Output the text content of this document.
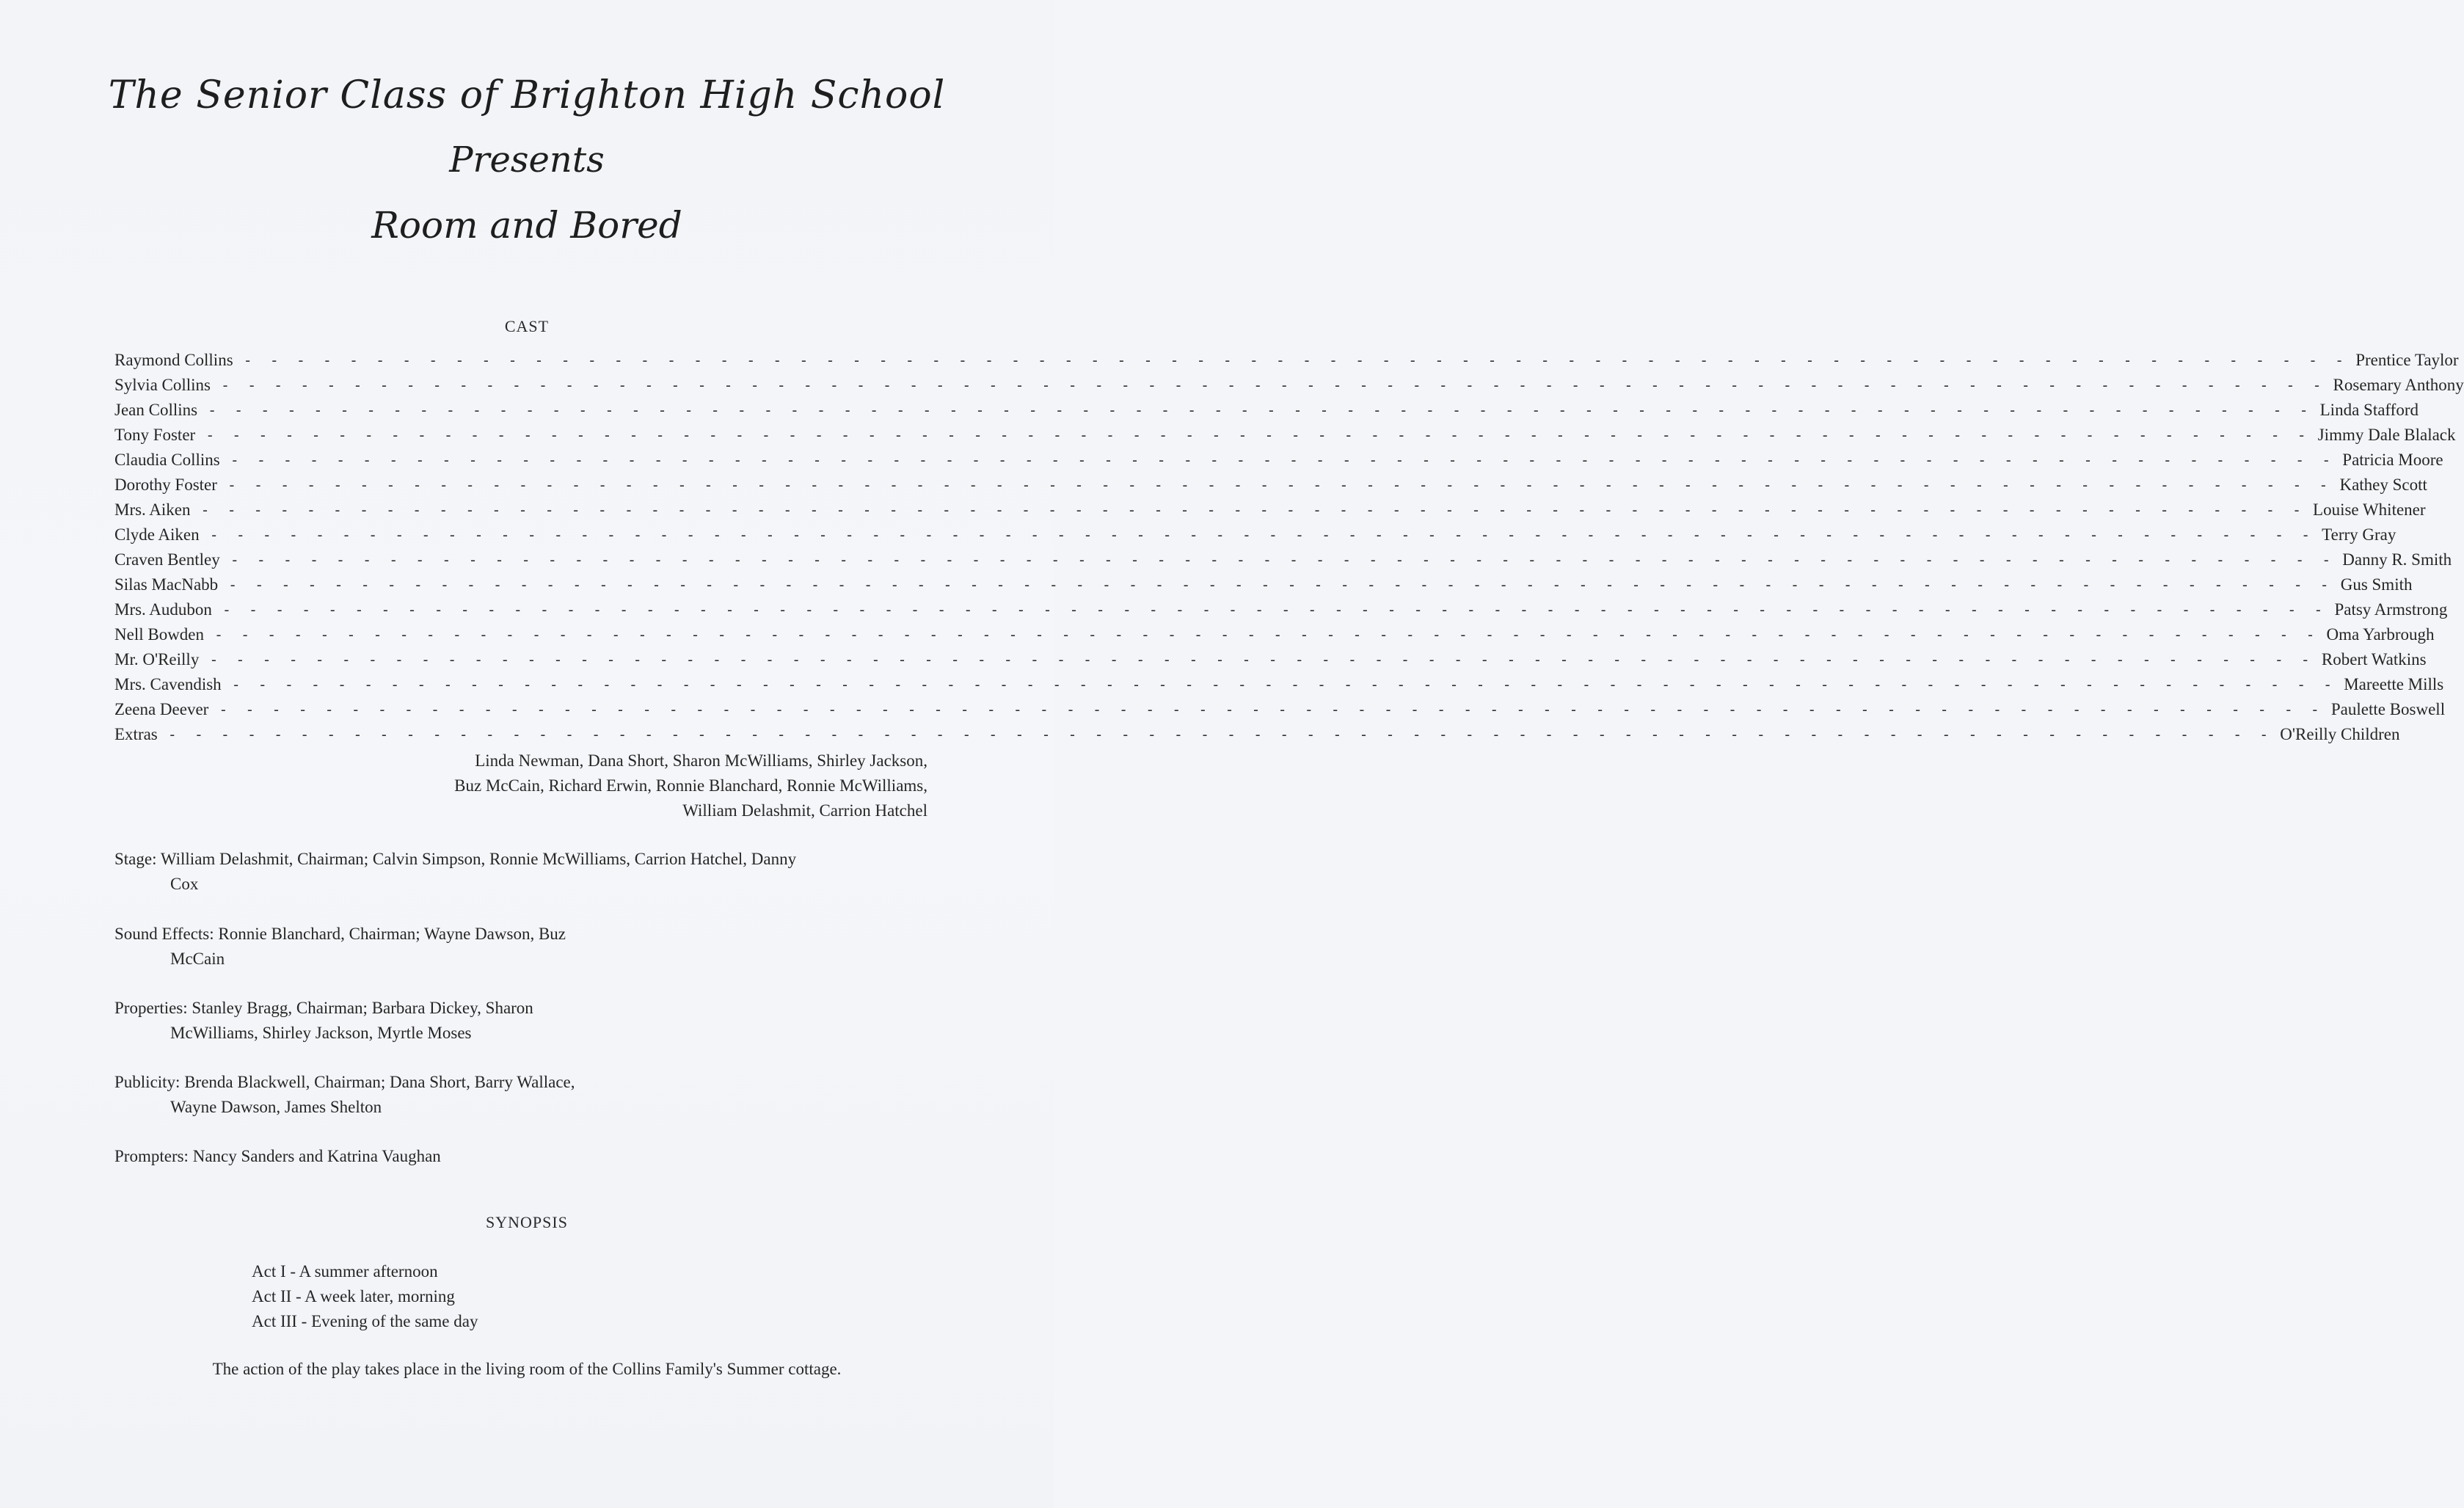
The Senior Class of Brighton High School
Presents
Room and Bored
CAST
Raymond Collins - - - - - - - - - - - - - - - - - - - - - - - - - - - - - - - - - - - - - - - - - - - - - - - - - - - - - - - - - - - - - - - - - - - - - - - - - - - - - - - - Prentice Taylor
Sylvia Collins - - - - - - - - - - - - - - - - - - - - - - - - - - - - - - - - - - - - - - - - - - - - - - - - - - - - - - - - - - - - - - - - - - - - - - - - - - - - - - - - Rosemary Anthony
Jean Collins - - - - - - - - - - - - - - - - - - - - - - - - - - - - - - - - - - - - - - - - - - - - - - - - - - - - - - - - - - - - - - - - - - - - - - - - - - - - - - - - Linda Stafford
Tony Foster - - - - - - - - - - - - - - - - - - - - - - - - - - - - - - - - - - - - - - - - - - - - - - - - - - - - - - - - - - - - - - - - - - - - - - - - - - - - - - - - Jimmy Dale Blalack
Claudia Collins - - - - - - - - - - - - - - - - - - - - - - - - - - - - - - - - - - - - - - - - - - - - - - - - - - - - - - - - - - - - - - - - - - - - - - - - - - - - - - - - Patricia Moore
Dorothy Foster - - - - - - - - - - - - - - - - - - - - - - - - - - - - - - - - - - - - - - - - - - - - - - - - - - - - - - - - - - - - - - - - - - - - - - - - - - - - - - - - Kathey Scott
Mrs. Aiken - - - - - - - - - - - - - - - - - - - - - - - - - - - - - - - - - - - - - - - - - - - - - - - - - - - - - - - - - - - - - - - - - - - - - - - - - - - - - - - - Louise Whitener
Clyde Aiken - - - - - - - - - - - - - - - - - - - - - - - - - - - - - - - - - - - - - - - - - - - - - - - - - - - - - - - - - - - - - - - - - - - - - - - - - - - - - - - - Terry Gray
Craven Bentley - - - - - - - - - - - - - - - - - - - - - - - - - - - - - - - - - - - - - - - - - - - - - - - - - - - - - - - - - - - - - - - - - - - - - - - - - - - - - - - - Danny R. Smith
Silas MacNabb - - - - - - - - - - - - - - - - - - - - - - - - - - - - - - - - - - - - - - - - - - - - - - - - - - - - - - - - - - - - - - - - - - - - - - - - - - - - - - - - Gus Smith
Mrs. Audubon - - - - - - - - - - - - - - - - - - - - - - - - - - - - - - - - - - - - - - - - - - - - - - - - - - - - - - - - - - - - - - - - - - - - - - - - - - - - - - - - Patsy Armstrong
Nell Bowden - - - - - - - - - - - - - - - - - - - - - - - - - - - - - - - - - - - - - - - - - - - - - - - - - - - - - - - - - - - - - - - - - - - - - - - - - - - - - - - - Oma Yarbrough
Mr. O'Reilly - - - - - - - - - - - - - - - - - - - - - - - - - - - - - - - - - - - - - - - - - - - - - - - - - - - - - - - - - - - - - - - - - - - - - - - - - - - - - - - - Robert Watkins
Mrs. Cavendish - - - - - - - - - - - - - - - - - - - - - - - - - - - - - - - - - - - - - - - - - - - - - - - - - - - - - - - - - - - - - - - - - - - - - - - - - - - - - - - - Mareette Mills
Zeena Deever - - - - - - - - - - - - - - - - - - - - - - - - - - - - - - - - - - - - - - - - - - - - - - - - - - - - - - - - - - - - - - - - - - - - - - - - - - - - - - - - Paulette Boswell
Extras - - - - - - - - - - - - - - - - - - - - - - - - - - - - - - - - - - - - - - - - - - - - - - - - - - - - - - - - - - - - - - - - - - - - - - - - - - - - - - - - O'Reilly Children
Linda Newman, Dana Short, Sharon McWilliams, Shirley Jackson,
Buz McCain, Richard Erwin, Ronnie Blanchard, Ronnie McWilliams,
William Delashmit, Carrion Hatchel
Stage: William Delashmit, Chairman; Calvin Simpson, Ronnie McWilliams, Carrion Hatchel, Danny
Cox
Sound Effects: Ronnie Blanchard, Chairman; Wayne Dawson, Buz
McCain
Properties: Stanley Bragg, Chairman; Barbara Dickey, Sharon
McWilliams, Shirley Jackson, Myrtle Moses
Publicity: Brenda Blackwell, Chairman; Dana Short, Barry Wallace,
Wayne Dawson, James Shelton
Prompters: Nancy Sanders and Katrina Vaughan
SYNOPSIS
Act I - A summer afternoon
Act II - A week later, morning
Act III - Evening of the same day
The action of the play takes place in the living room of the Collins Family's Summer cottage.
